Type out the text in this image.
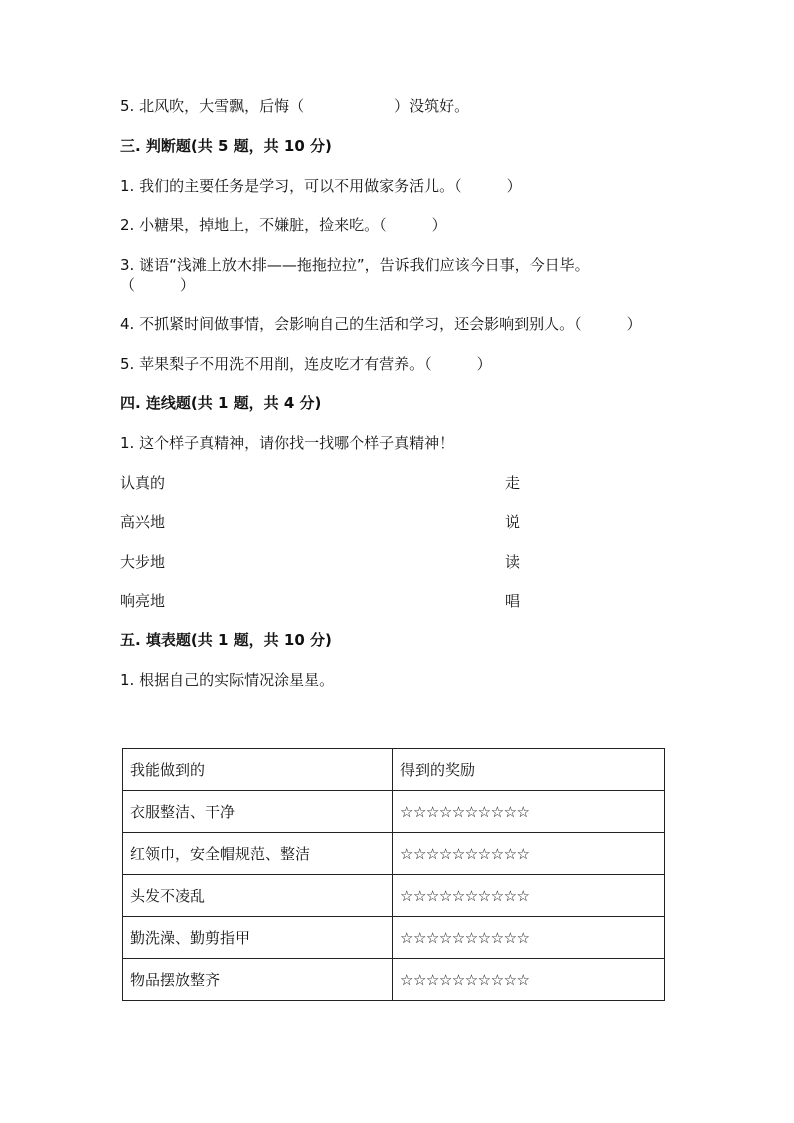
5. 北风吹，大雪飘，后悔（　　　　　　）没筑好。
三. 判断题(共 5 题，共 10 分)
1. 我们的主要任务是学习，可以不用做家务活儿。（　　　）
2. 小糖果，掉地上，不嫌脏，捡来吃。（　　　）
3. 谜语“浅滩上放木排——拖拖拉拉”，告诉我们应该今日事，今日毕。
（　　　）
4. 不抓紧时间做事情，会影响自己的生活和学习，还会影响到别人。（　　　）
5. 苹果梨子不用洗不用削，连皮吃才有营养。（　　　）
四. 连线题(共 1 题，共 4 分)
1. 这个样子真精神，请你找一找哪个样子真精神！
认真的	走
高兴地	说
大步地	读
响亮地	唱
五. 填表题(共 1 题，共 10 分)
1. 根据自己的实际情况涂星星。
我能做到的	得到的奖励
衣服整洁、干净	☆☆☆☆☆☆☆☆☆☆
红领巾，安全帽规范、整洁	☆☆☆☆☆☆☆☆☆☆
头发不凌乱	☆☆☆☆☆☆☆☆☆☆
勤洗澡、勤剪指甲	☆☆☆☆☆☆☆☆☆☆
物品摆放整齐	☆☆☆☆☆☆☆☆☆☆
